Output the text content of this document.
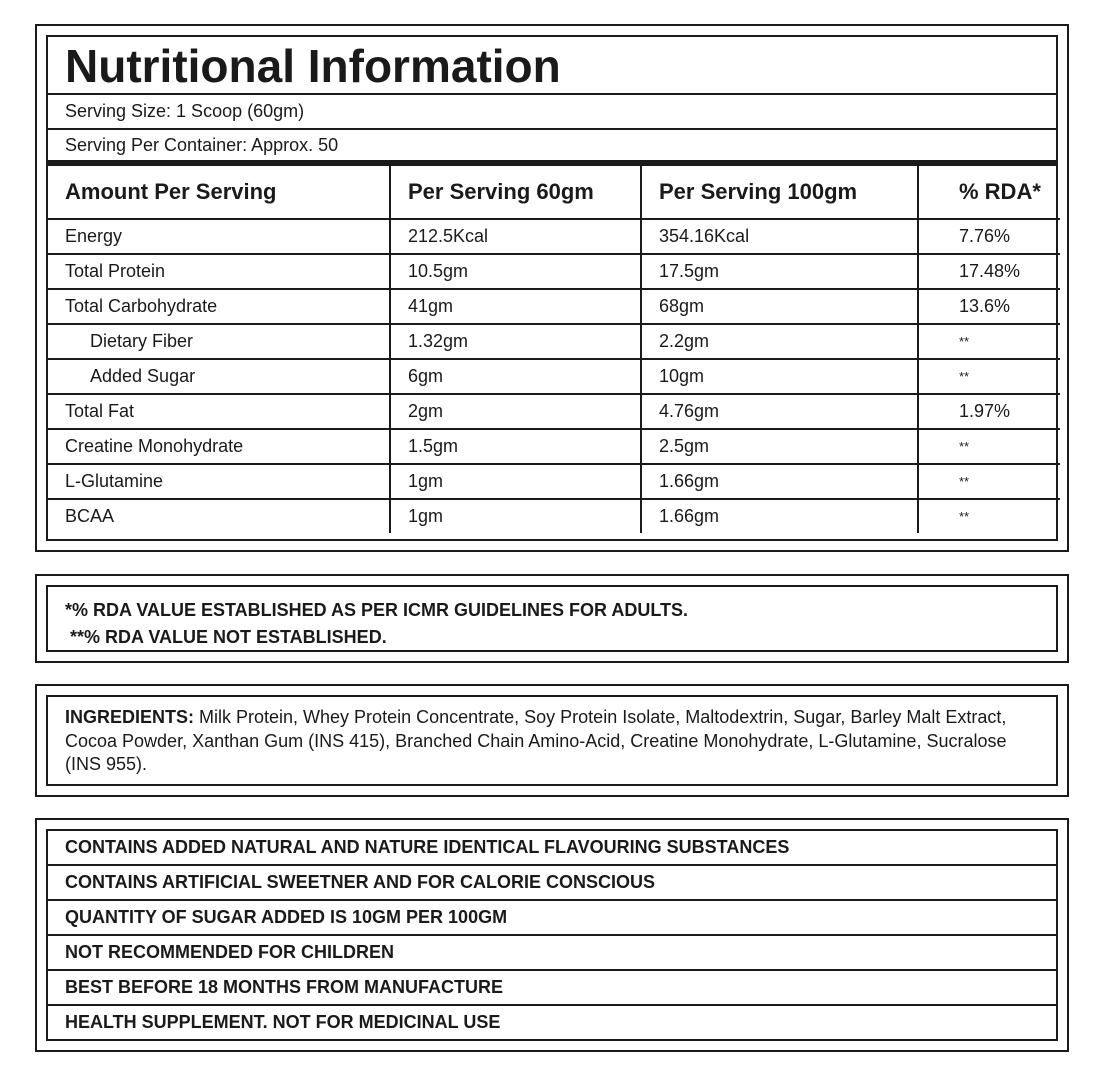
Nutritional Information
Serving Size: 1 Scoop (60gm)
Serving Per Container: Approx. 50
Amount Per Serving	Per Serving 60gm	Per Serving 100gm	% RDA*
Energy	212.5Kcal	354.16Kcal	7.76%
Total Protein	10.5gm	17.5gm	17.48%
Total Carbohydrate	41gm	68gm	13.6%
Dietary Fiber	1.32gm	2.2gm	**
Added Sugar	6gm	10gm	**
Total Fat	2gm	4.76gm	1.97%
Creatine Monohydrate	1.5gm	2.5gm	**
L-Glutamine	1gm	1.66gm	**
BCAA	1gm	1.66gm	**
*% RDA VALUE ESTABLISHED AS PER ICMR GUIDELINES FOR ADULTS.
**% RDA VALUE NOT ESTABLISHED.
INGREDIENTS: Milk Protein, Whey Protein Concentrate, Soy Protein Isolate, Maltodextrin, Sugar, Barley Malt Extract, Cocoa Powder, Xanthan Gum (INS 415), Branched Chain Amino-Acid, Creatine Monohydrate, L-Glutamine, Sucralose (INS 955).
CONTAINS ADDED NATURAL AND NATURE IDENTICAL FLAVOURING SUBSTANCES
CONTAINS ARTIFICIAL SWEETNER AND FOR CALORIE CONSCIOUS
QUANTITY OF SUGAR ADDED IS 10GM PER 100GM
NOT RECOMMENDED FOR CHILDREN
BEST BEFORE 18 MONTHS FROM MANUFACTURE
HEALTH SUPPLEMENT. NOT FOR MEDICINAL USE
